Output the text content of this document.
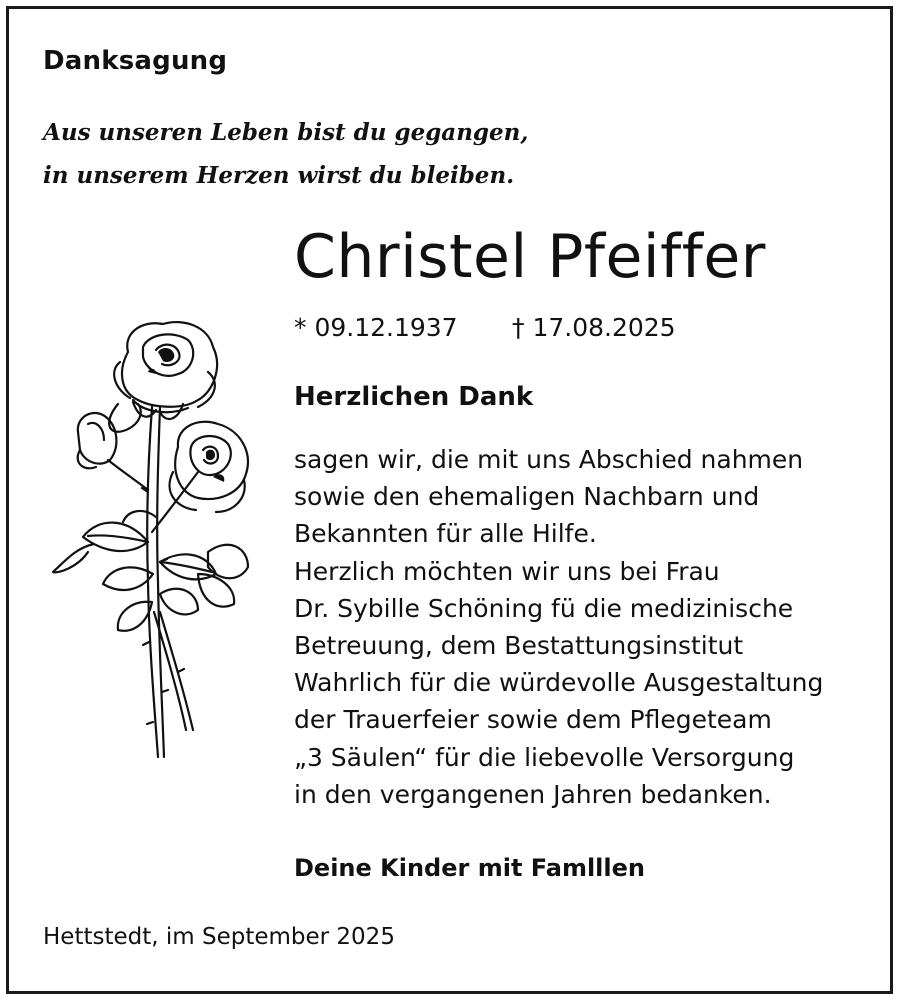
Danksagung
Aus unseren Leben bist du gegangen,
in unserem Herzen wirst du bleiben.
Christel Pfeiffer
* 09.12.1937 † 17.08.2025
Herzlichen Dank
sagen wir, die mit uns Abschied nahmen
sowie den ehemaligen Nachbarn und
Bekannten für alle Hilfe.
Herzlich möchten wir uns bei Frau
Dr. Sybille Schöning fü die medizinische
Betreuung, dem Bestattungsinstitut
Wahrlich für die würdevolle Ausgestaltung
der Trauerfeier sowie dem Pflegeteam
„3 Säulen“ für die liebevolle Versorgung
in den vergangenen Jahren bedanken.
Deine Kinder mit Famlllen
Hettstedt, im September 2025
